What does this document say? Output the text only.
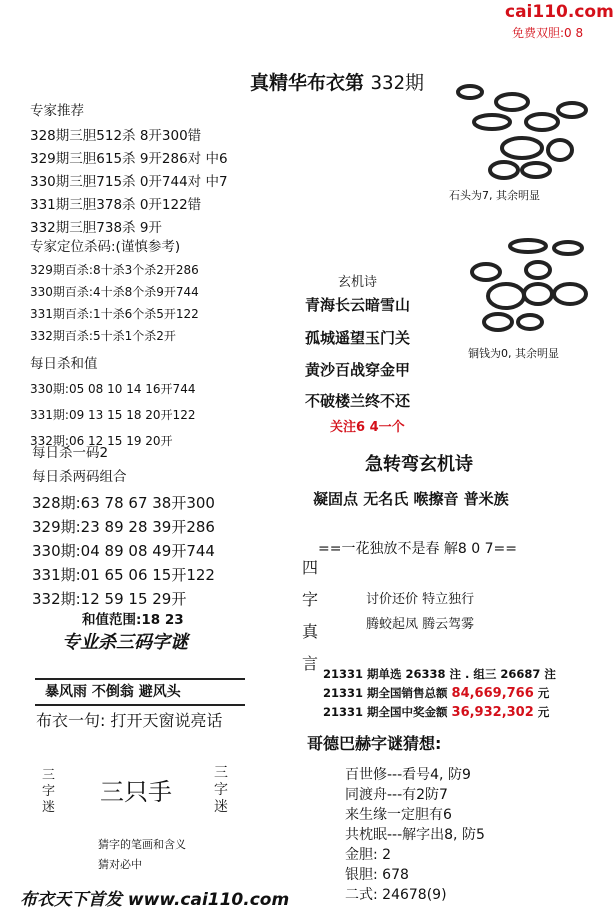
cai110.com
免费双胆:0 8
真精华布衣第 332期
专家推荐
328期三胆512杀 8开300错
329期三胆615杀 9开286对 中6
330期三胆715杀 0开744对 中7
331期三胆378杀 0开122错
332期三胆738杀 9开
专家定位杀码:(谨慎参考)
329期百杀:8十杀3个杀2开286
330期百杀:4十杀8个杀9开744
331期百杀:1十杀6个杀5开122
332期百杀:5十杀1个杀2开
每日杀和值
330期:05 08 10 14 16开744
331期:09 13 15 18 20开122
332期:06 12 15 19 20开
每日杀一码2
每日杀两码组合
328期:63 78 67 38开300
329期:23 89 28 39开286
330期:04 89 08 49开744
331期:01 65 06 15开122
332期:12 59 15 29开
和值范围:18 23
专业杀三码字谜
暴风雨 不倒翁 避风头
布衣一句: 打开天窗说亮话
三
字
迷
三只手
三
字
迷
猜字的笔画和含义
猜对必中
布衣天下首发 www.cai110.com
石头为7, 其余明显
铜钱为0, 其余明显
玄机诗
青海长云暗雪山
孤城遥望玉门关
黄沙百战穿金甲
不破楼兰终不还
关注6 4一个
急转弯玄机诗
凝固点 无名氏 喉擦音 普米族
==一花独放不是春 解8 0 7==
四
字
真
言
讨价还价 特立独行
腾蛟起凤 腾云驾雾
21331 期单选 26338 注 . 组三 26687 注
21331 期全国销售总额 84,669,766 元
21331 期全国中奖金额 36,932,302 元
哥德巴赫字谜猜想:
百世修---看号4, 防9
同渡舟---有2防7
来生缘一定胆有6
共枕眠---解字出8, 防5
金胆: 2
银胆: 678
二式: 24678(9)
